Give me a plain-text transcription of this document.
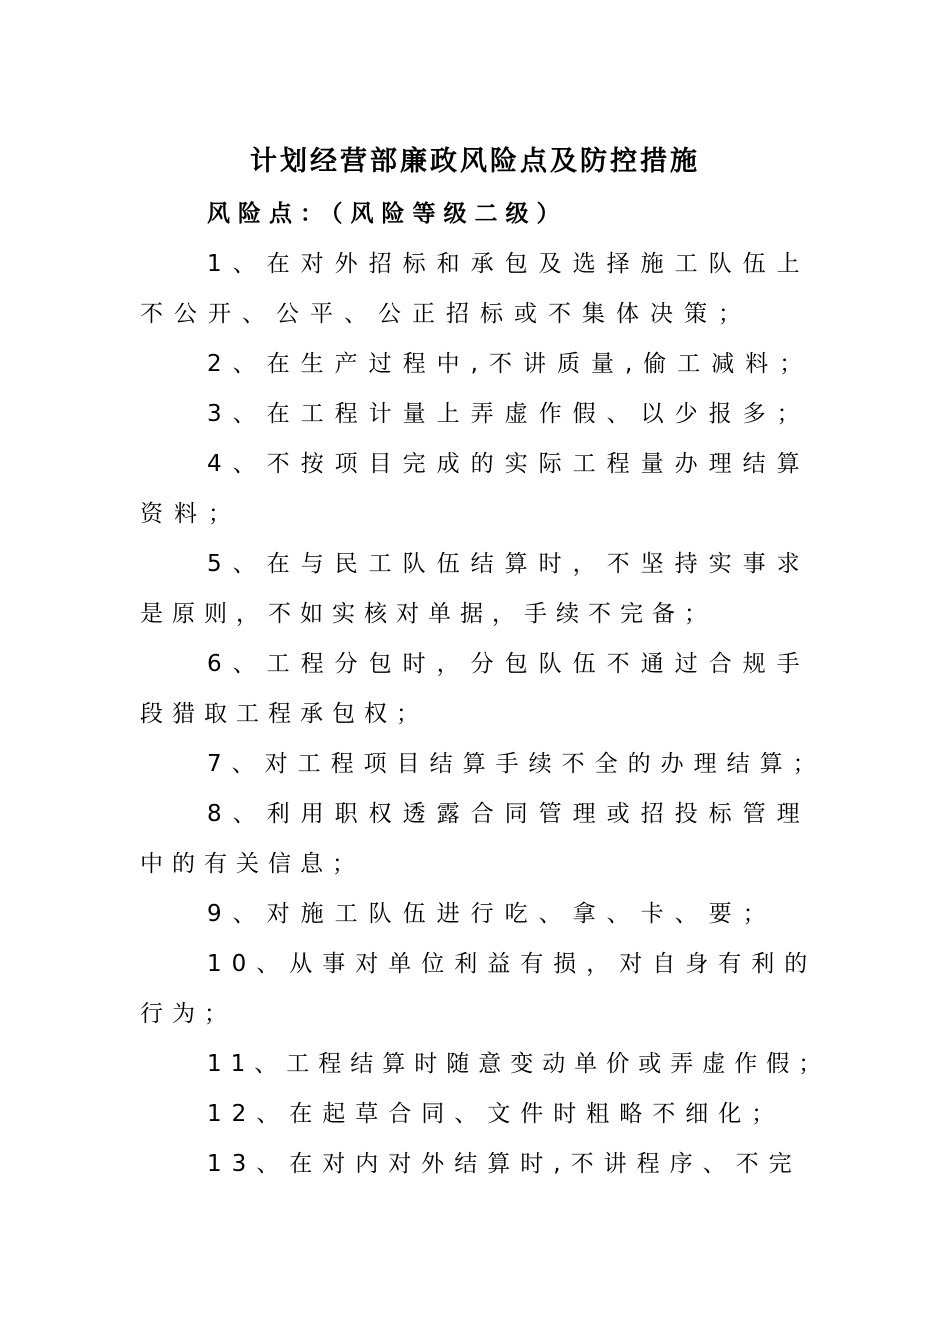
计划经营部廉政风险点及防控措施
风险点：（风险等级二级）
1、在对外招标和承包及选择施工队伍上
不公开、公平、公正招标或不集体决策；
2、在生产过程中,不讲质量,偷工减料；
3、在工程计量上弄虚作假、以少报多；
4、不按项目完成的实际工程量办理结算
资料；
5、在与民工队伍结算时，不坚持实事求
是原则，不如实核对单据，手续不完备；
6、工程分包时，分包队伍不通过合规手
段猎取工程承包权；
7、对工程项目结算手续不全的办理结算；
8、利用职权透露合同管理或招投标管理
中的有关信息；
9、对施工队伍进行吃、拿、卡、要；
10、从事对单位利益有损，对自身有利的
行为；
11、工程结算时随意变动单价或弄虚作假；
12、在起草合同、文件时粗略不细化；
13、在对内对外结算时,不讲程序、不完
